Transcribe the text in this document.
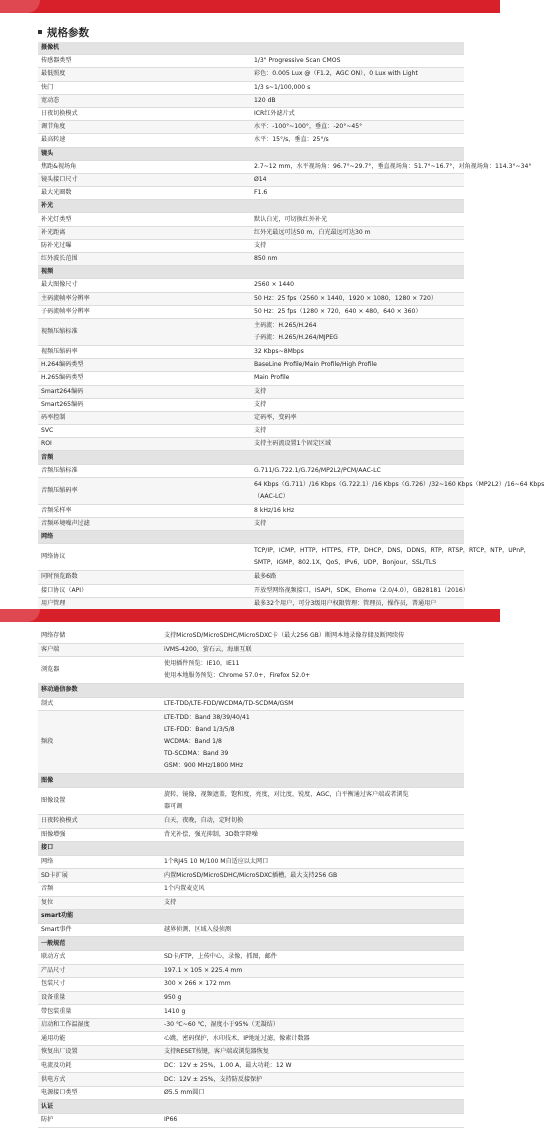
规格参数
摄像机	
传感器类型	1/3" Progressive Scan CMOS
最低照度	彩色：0.005 Lux @（F1.2，AGC ON），0 Lux with Light
快门	1/3 s~1/100,000 s
宽动态	120 dB
日夜切换模式	ICR红外滤片式
调节角度	水平：-100°~100°，垂直：-20°~45°
最高转速	水平：15°/s，垂直：25°/s
镜头	
焦距&视场角	2.7~12 mm，水平视场角：96.7°~29.7°，垂直视场角：51.7°~16.7°，对角视场角：114.3°~34°
镜头接口尺寸	Ø14
最大光圈数	F1.6
补光	
补光灯类型	默认白光，可切换红外补光
补光距离	红外光最远可达50 m，白光最远可达30 m
防补光过曝	支持
红外波长范围	850 nm
视频	
最大图像尺寸	2560 × 1440
主码流帧率分辨率	50 Hz：25 fps（2560 × 1440，1920 × 1080，1280 × 720）
子码流帧率分辨率	50 Hz：25 fps（1280 × 720，640 × 480，640 × 360）
视频压缩标准	主码流：H.265/H.264
子码流：H.265/H.264/MJPEG

视频压缩码率	32 Kbps~8Mbps
H.264编码类型	BaseLine Profile/Main Profile/High Profile
H.265编码类型	Main Profile
Smart264编码	支持
Smart265编码	支持
码率控制	定码率，变码率
SVC	支持
ROI	支持主码流设置1个固定区域
音频	
音频压缩标准	G.711/G.722.1/G.726/MP2L2/PCM/AAC-LC
音频压缩码率	64 Kbps（G.711）/16 Kbps（G.722.1）/16 Kbps（G.726）/32~160 Kbps（MP2L2）/16~64 Kbps
（AAC-LC）

音频采样率	8 kHz/16 kHz
音频环境噪声过滤	支持
网络	
网络协议	TCP/IP，ICMP，HTTP，HTTPS，FTP，DHCP，DNS，DDNS，RTP，RTSP，RTCP，NTP，UPnP，
SMTP，IGMP，802.1X，QoS，IPv6，UDP，Bonjour，SSL/TLS

同时预览路数	最多6路
接口协议（API）	开放型网络视频接口，ISAPI，SDK，Ehome（2.0/4.0），GB28181（2016）
用户管理	最多32个用户，可分3级用户权限管理：管理员，操作员，普通用户
网络存储	支持MicroSD/MicroSDHC/MicroSDXC卡（最大256 GB）断网本地录像存储及断网续传
客户端	iVMS-4200，萤石云，海康互联
浏览器	使用插件预览：IE10，IE11
使用本地服务预览：Chrome 57.0+，Firefox 52.0+

移动通信参数	
制式	LTE-TDD/LTE-FDD/WCDMA/TD-SCDMA/GSM
频段	LTE-TDD：Band 38/39/40/41
LTE-FDD：Band 1/3/5/8
WCDMA：Band 1/8
TD-SCDMA：Band 39
GSM：900 MHz/1800 MHz

图像	
图像设置	旋转，镜像，视频遮盖，饱和度，亮度，对比度，锐度，AGC，白平衡通过客户端或者浏览
器可调

日夜转换模式	白天，夜晚，自动，定时切换
图像增强	背光补偿，强光抑制，3D数字降噪
接口	
网络	1个RJ45 10 M/100 M自适应以太网口
SD卡扩展	内置MicroSD/MicroSDHC/MicroSDXC插槽，最大支持256 GB
音频	1个内置麦克风
复位	支持
smart功能	
Smart事件	越界侦测，区域入侵侦测
一般规范	
联动方式	SD卡/FTP，上传中心，录像，抓图，邮件
产品尺寸	197.1 × 105 × 225.4 mm
包装尺寸	300 × 266 × 172 mm
设备重量	950 g
带包装重量	1410 g
启动和工作温湿度	-30 ℃~60 ℃，湿度小于95%（无凝结）
通用功能	心跳，密码保护，水印技术，IP地址过滤，像素计数器
恢复出厂设置	支持RESET按键，客户端或浏览器恢复
电流及功耗	DC：12V ± 25%，1.00 A，最大功耗：12 W
供电方式	DC：12V ± 25%，支持防反接保护
电源接口类型	Ø5.5 mm圆口
认证	
防护	IP66
